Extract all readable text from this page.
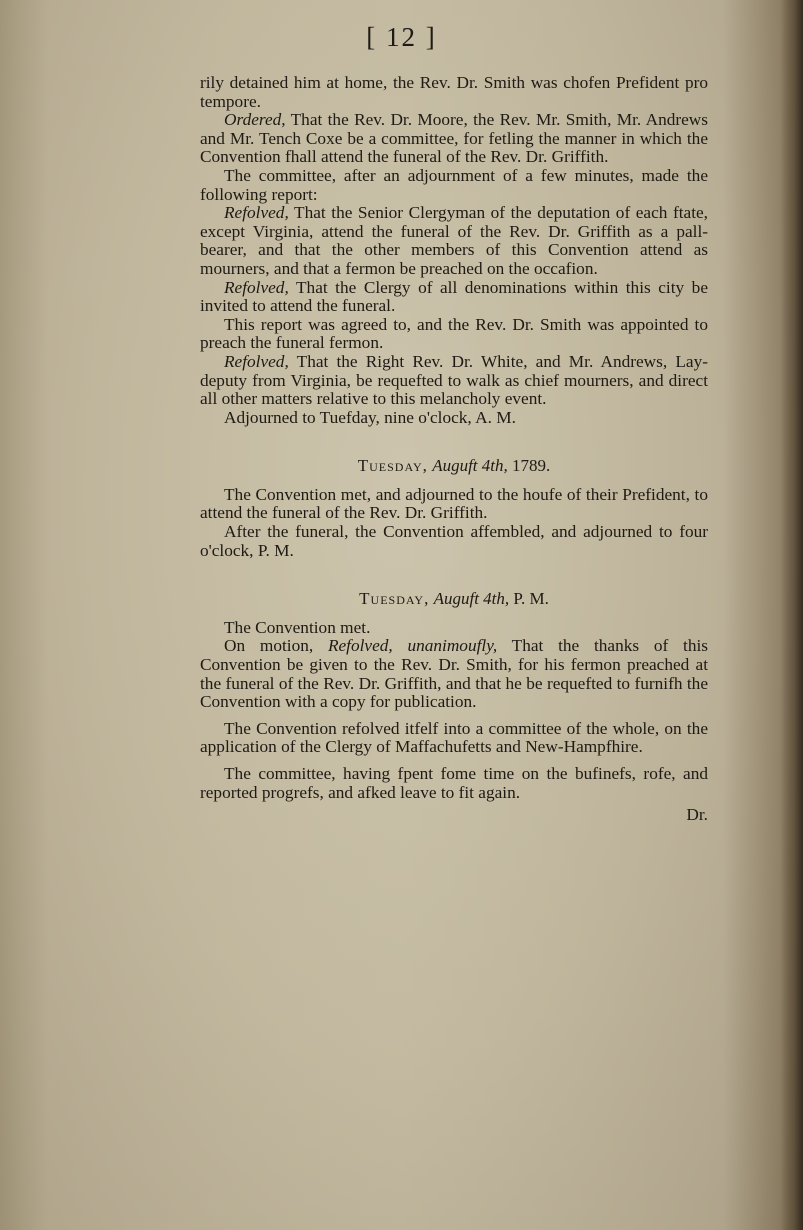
[ 12 ]

rily detained him at home, the Rev. Dr. Smith was chofen Prefident pro tempore.

Ordered, That the Rev. Dr. Moore, the Rev. Mr. Smith, Mr. Andrews and Mr. Tench Coxe be a committee, for fetling the manner in which the Convention fhall attend the funeral of the Rev. Dr. Griffith.

The committee, after an adjournment of a few minutes, made the following report:

Refolved, That the Senior Clergyman of the deputation of each ftate, except Virginia, attend the funeral of the Rev. Dr. Griffith as a pall-bearer, and that the other members of this Convention attend as mourners, and that a fermon be preached on the occafion.

Refolved, That the Clergy of all denominations within this city be invited to attend the funeral.

This report was agreed to, and the Rev. Dr. Smith was appointed to preach the funeral fermon.

Refolved, That the Right Rev. Dr. White, and Mr. Andrews, Lay-deputy from Virginia, be requefted to walk as chief mourners, and direct all other matters relative to this melancholy event.

Adjourned to Tuefday, nine o'clock, A. M.

Tuesday, Auguft 4th, 1789.

The Convention met, and adjourned to the houfe of their Prefident, to attend the funeral of the Rev. Dr. Griffith.

After the funeral, the Convention affembled, and adjourned to four o'clock, P. M.

Tuesday, Auguft 4th, P. M.

The Convention met.

On motion, Refolved, unanimoufly, That the thanks of this Convention be given to the Rev. Dr. Smith, for his fermon preached at the funeral of the Rev. Dr. Griffith, and that he be requefted to furnifh the Convention with a copy for publication.

The Convention refolved itfelf into a committee of the whole, on the application of the Clergy of Maffachufetts and New-Hampfhire.

The committee, having fpent fome time on the bufinefs, rofe, and reported progrefs, and afked leave to fit again.

Dr.
